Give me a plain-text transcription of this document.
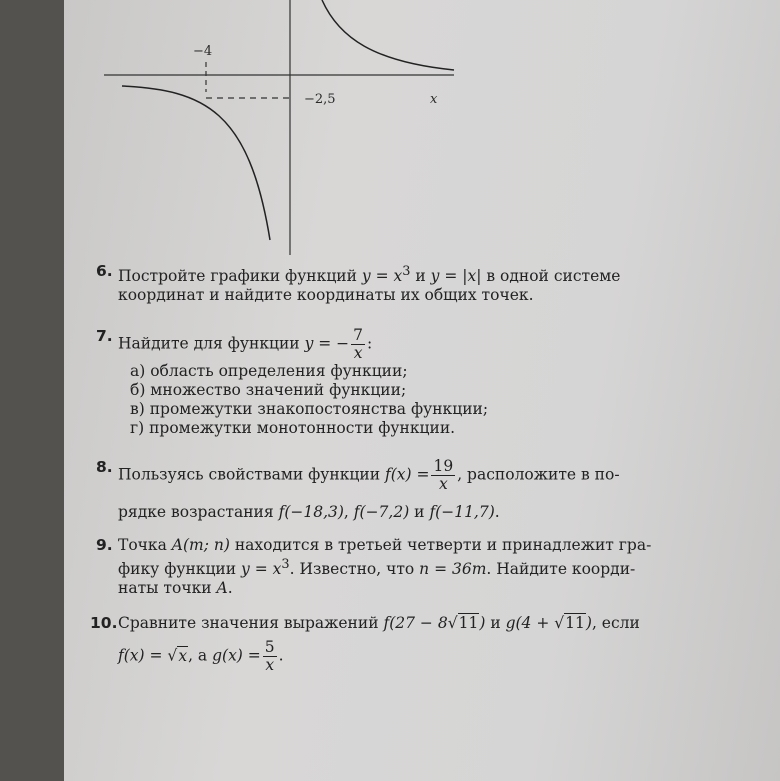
−4
−2,5	x
6. Постройте графики функций $y = x^3$ и y = |x| в одной системе
координат и найдите координаты их общих точек.
7. Найдите для функции y = − $\frac{7}{x}$ :
а) область определения функции;
б) множество значений функции;
в) промежутки знакопостоянства функции;
г) промежутки монотонности функции.
8. Пользуясь свойствами функции $f(x) = \frac{19}{x}$ , расположите в по-
рядке возрастания f(−18,3), f(−7,2) и f(−11,7).
9. Точка A(m; n) находится в третьей четверти и принадлежит гра-
фику функции $y = x^3$. Известно, что n = 36m. Найдите коорди-
наты точки A.
10. Сравните значения выражений f(27 − 8√11) и g(4 + √11), если
f(x) = √x, а $g(x) = \frac{5}{x}$ .
